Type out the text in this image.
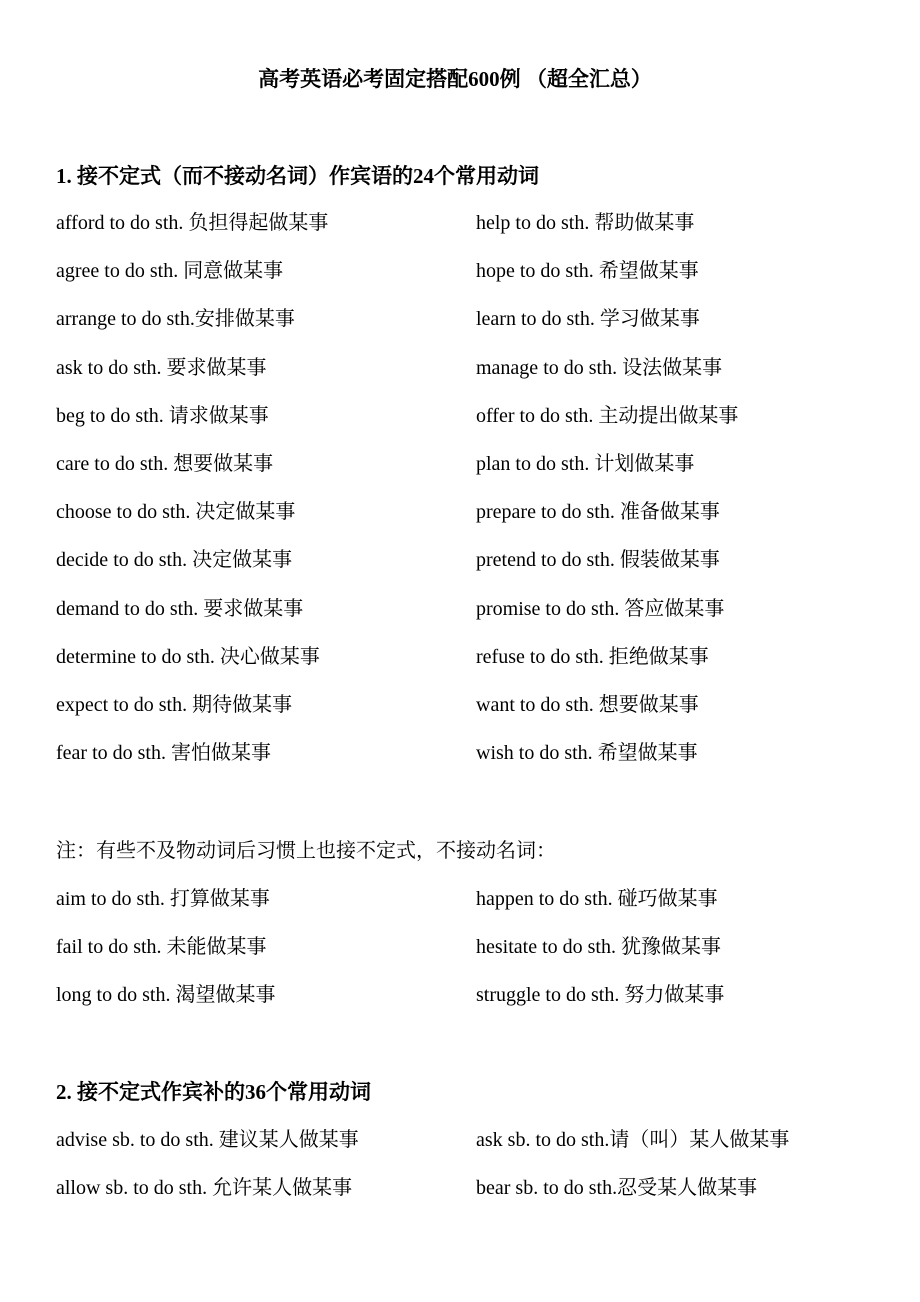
高考英语必考固定搭配600例 （超全汇总）
1. 接不定式（而不接动名词）作宾语的24个常用动词
afford to do sth. 负担得起做某事	help to do sth. 帮助做某事
agree to do sth. 同意做某事	hope to do sth. 希望做某事
arrange to do sth.安排做某事	learn to do sth. 学习做某事
ask to do sth. 要求做某事	manage to do sth. 设法做某事
beg to do sth. 请求做某事	offer to do sth. 主动提出做某事
care to do sth. 想要做某事	plan to do sth. 计划做某事
choose to do sth. 决定做某事	prepare to do sth. 准备做某事
decide to do sth. 决定做某事	pretend to do sth. 假装做某事
demand to do sth. 要求做某事	promise to do sth. 答应做某事
determine to do sth. 决心做某事	refuse to do sth. 拒绝做某事
expect to do sth. 期待做某事	want to do sth. 想要做某事
fear to do sth. 害怕做某事	wish to do sth. 希望做某事
注：有些不及物动词后习惯上也接不定式，不接动名词：
aim to do sth. 打算做某事	happen to do sth. 碰巧做某事
fail to do sth. 未能做某事	hesitate to do sth. 犹豫做某事
long to do sth. 渴望做某事	struggle to do sth. 努力做某事
2. 接不定式作宾补的36个常用动词
advise sb. to do sth. 建议某人做某事	ask sb. to do sth.请（叫）某人做某事
allow sb. to do sth. 允许某人做某事	bear sb. to do sth.忍受某人做某事
